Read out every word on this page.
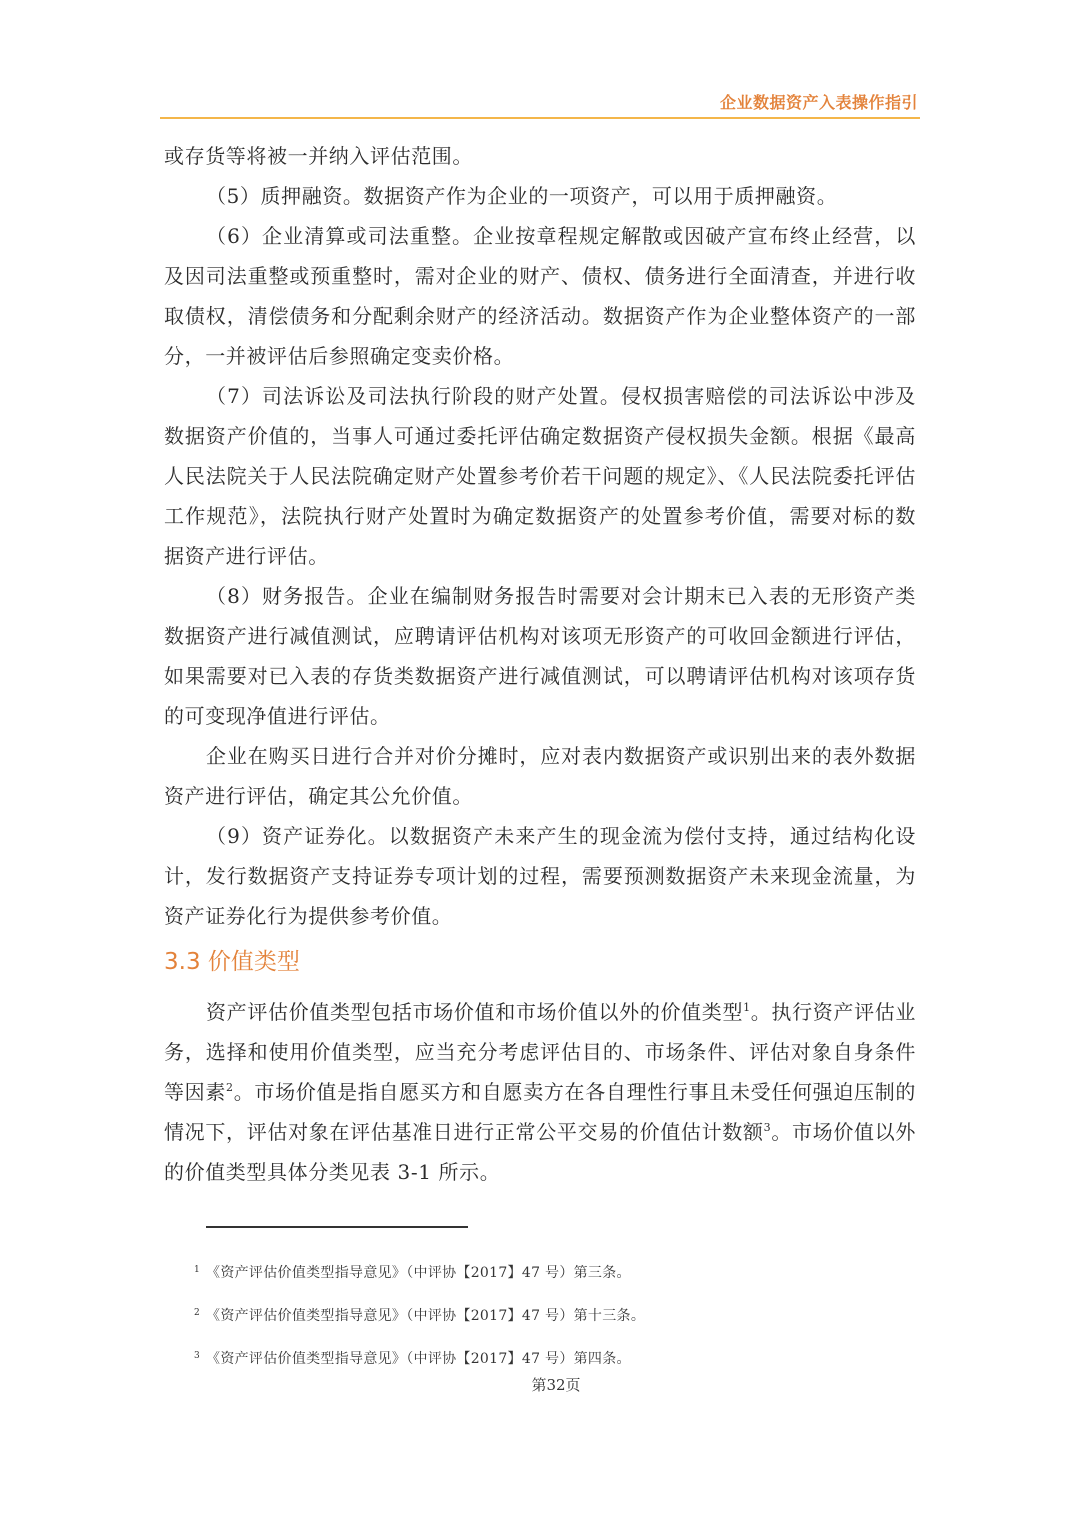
企业数据资产入表操作指引

或存货等将被一并纳入评估范围。

（5）质押融资。数据资产作为企业的一项资产，可以用于质押融资。

（6）企业清算或司法重整。企业按章程规定解散或因破产宣布终止经营，以及因司法重整或预重整时，需对企业的财产、债权、债务进行全面清查，并进行收取债权，清偿债务和分配剩余财产的经济活动。数据资产作为企业整体资产的一部分，一并被评估后参照确定变卖价格。

（7）司法诉讼及司法执行阶段的财产处置。侵权损害赔偿的司法诉讼中涉及数据资产价值的，当事人可通过委托评估确定数据资产侵权损失金额。根据《最高人民法院关于人民法院确定财产处置参考价若干问题的规定》、《人民法院委托评估工作规范》，法院执行财产处置时为确定数据资产的处置参考价值，需要对标的数据资产进行评估。

（8）财务报告。企业在编制财务报告时需要对会计期末已入表的无形资产类数据资产进行减值测试，应聘请评估机构对该项无形资产的可收回金额进行评估，如果需要对已入表的存货类数据资产进行减值测试，可以聘请评估机构对该项存货的可变现净值进行评估。

企业在购买日进行合并对价分摊时，应对表内数据资产或识别出来的表外数据资产进行评估，确定其公允价值。

（9）资产证券化。以数据资产未来产生的现金流为偿付支持，通过结构化设计，发行数据资产支持证券专项计划的过程，需要预测数据资产未来现金流量，为资产证券化行为提供参考价值。

3.3 价值类型

资产评估价值类型包括市场价值和市场价值以外的价值类型$^1$。执行资产评估业务，选择和使用价值类型，应当充分考虑评估目的、市场条件、评估对象自身条件等因素$^2$。市场价值是指自愿买方和自愿卖方在各自理性行事且未受任何强迫压制的情况下，评估对象在评估基准日进行正常公平交易的价值估计数额$^3$。市场价值以外的价值类型具体分类见表 3-1 所示。

$^1$ 《资产评估价值类型指导意见》（中评协【2017】47 号）第三条。
$^2$ 《资产评估价值类型指导意见》（中评协【2017】47 号）第十三条。
$^3$ 《资产评估价值类型指导意见》（中评协【2017】47 号）第四条。
第32页
